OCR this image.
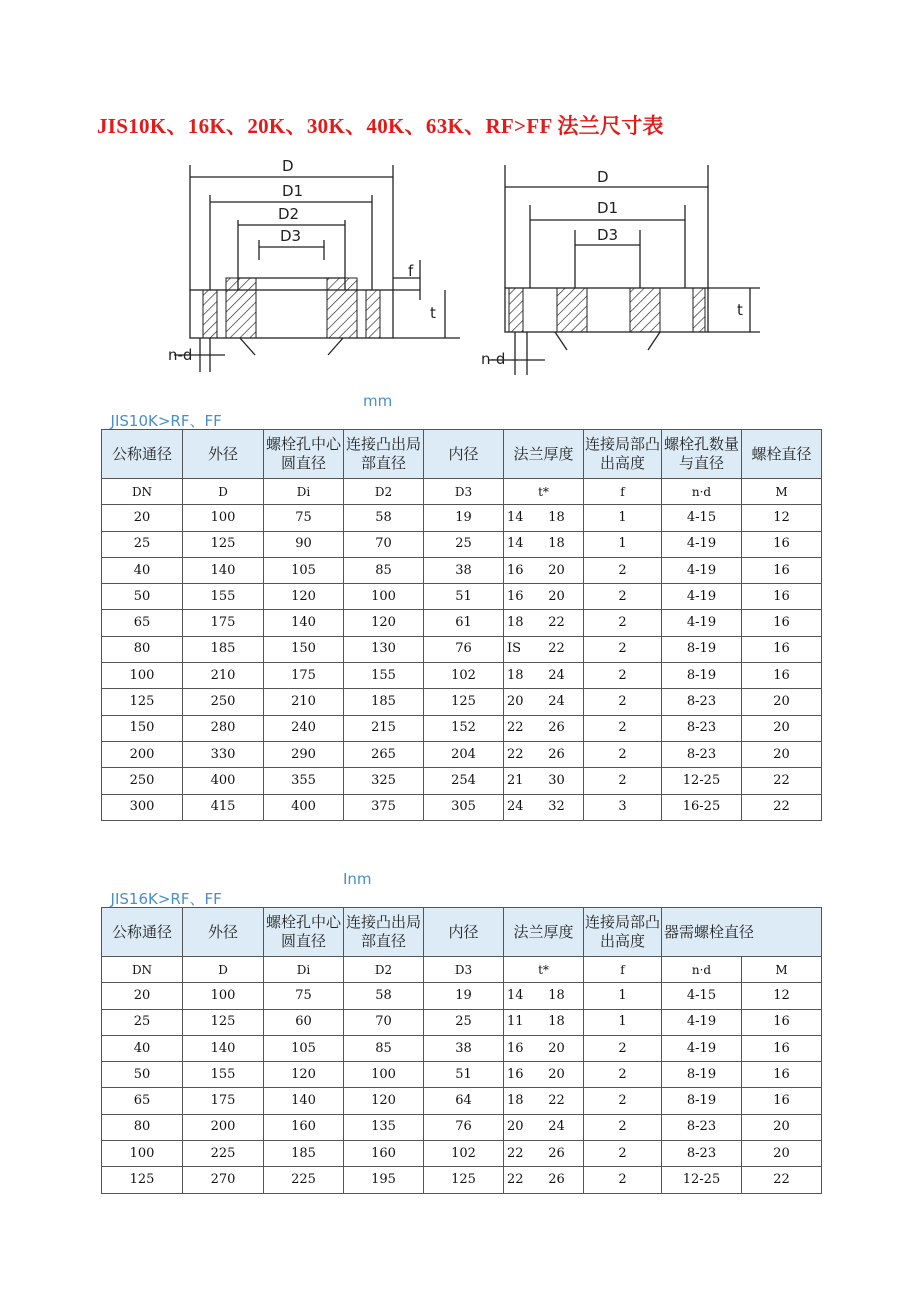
JIS10K、16K、20K、30K、40K、63K、RF>FF 法兰尺寸表
D
D1
D2
D3
n-d
f
t
D
D1
D3
n-d
t

JIS10K>RF、FF

mm

公称通径	外径	螺栓孔中心圆直径	连接凸出局部直径	内径	法兰厚度	连接局部凸出高度	螺栓孔数量与直径	螺栓直径
DN	D	Di	D2	D3	t*	f	n·d	M
20	100	75	58	19	14 18	1	4-15	12
25	125	90	70	25	14 18	1	4-19	16
40	140	105	85	38	16 20	2	4-19	16
50	155	120	100	51	16 20	2	4-19	16
65	175	140	120	61	18 22	2	4-19	16
80	185	150	130	76	IS 22	2	8-19	16
100	210	175	155	102	18 24	2	8-19	16
125	250	210	185	125	20 24	2	8-23	20
150	280	240	215	152	22 26	2	8-23	20
200	330	290	265	204	22 26	2	8-23	20
250	400	355	325	254	21 30	2	12-25	22
300	415	400	375	305	24 32	3	16-25	22

JIS16K>RF、FF

Inm

公称通径	外径	螺栓孔中心圆直径	连接凸出局部直径	内径	法兰厚度	连接局部凸出高度	器需螺栓直径	
DN	D	Di	D2	D3	t*	f	n·d	M
20	100	75	58	19	14 18	1	4-15	12
25	125	60	70	25	11 18	1	4-19	16
40	140	105	85	38	16 20	2	4-19	16
50	155	120	100	51	16 20	2	8-19	16
65	175	140	120	64	18 22	2	8-19	16
80	200	160	135	76	20 24	2	8-23	20
100	225	185	160	102	22 26	2	8-23	20
125	270	225	195	125	22 26	2	12-25	22
